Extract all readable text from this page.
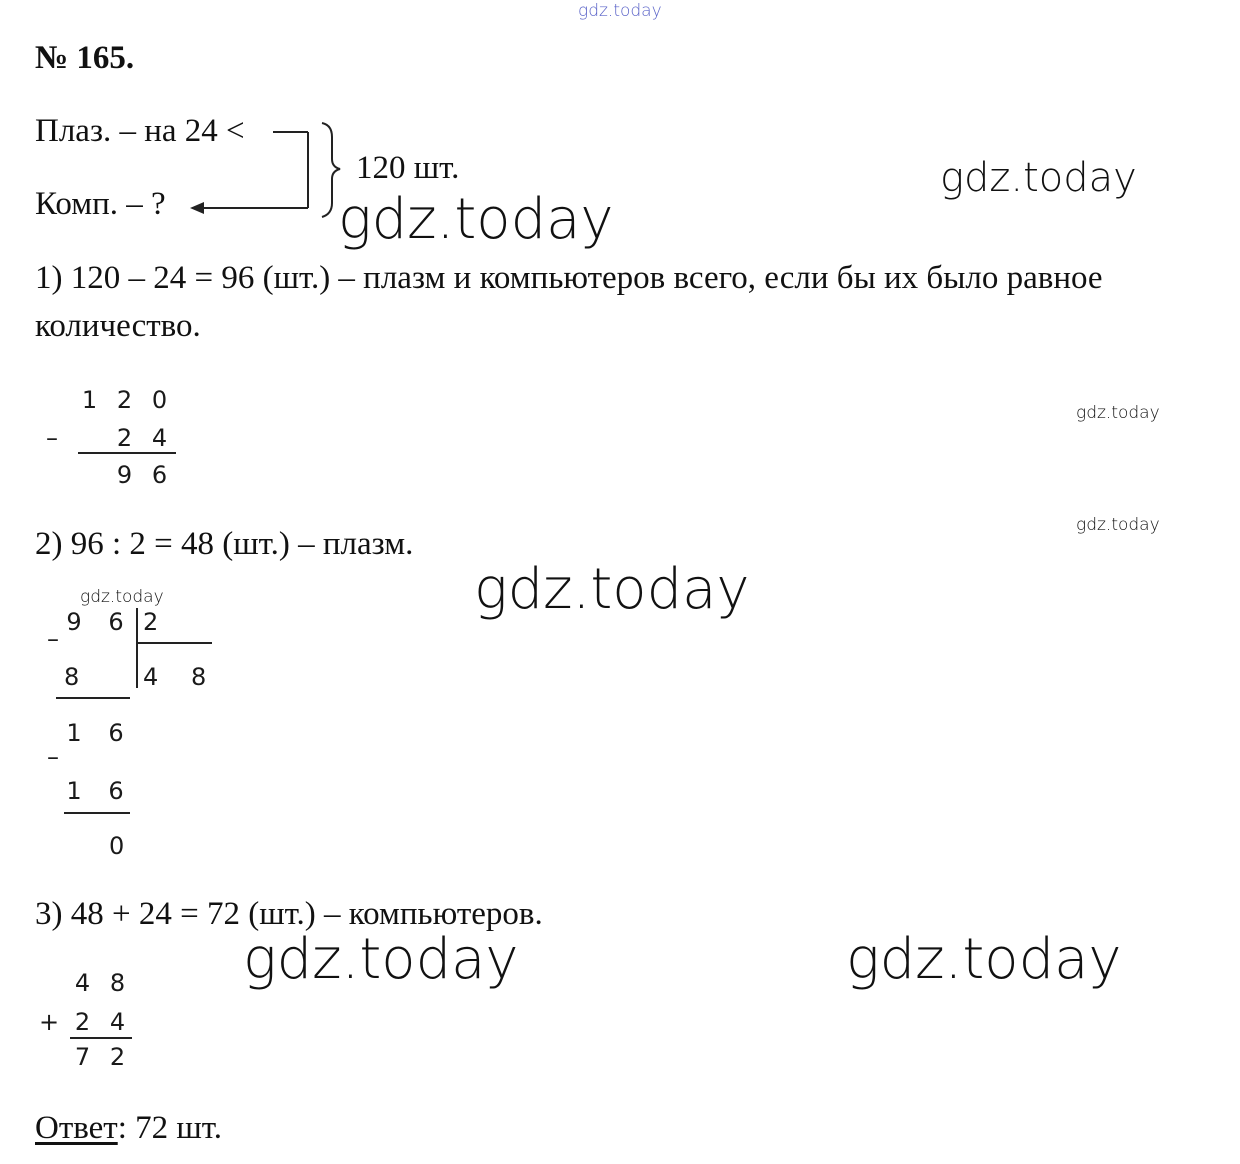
gdz.today
№ 165.
Плаз. – на 24 <
Комп. – ?
120 шт.	gdz.today
gdz.today
1) 120 – 24 = 96 (шт.) – плазм и компьютеров всего, если бы их было равное
количество.
1 2 0
–	2 4
9 6
gdz.today
gdz.today
2) 96 : 2 = 48 (шт.) – плазм.
gdz.today
gdz.today
9 6 2
–
8	4 8
1 6
–
1 6
0
3) 48 + 24 = 72 (шт.) – компьютеров.
gdz.today	gdz.today
4 8
+ 2 4
7 2
Ответ: 72 шт.
